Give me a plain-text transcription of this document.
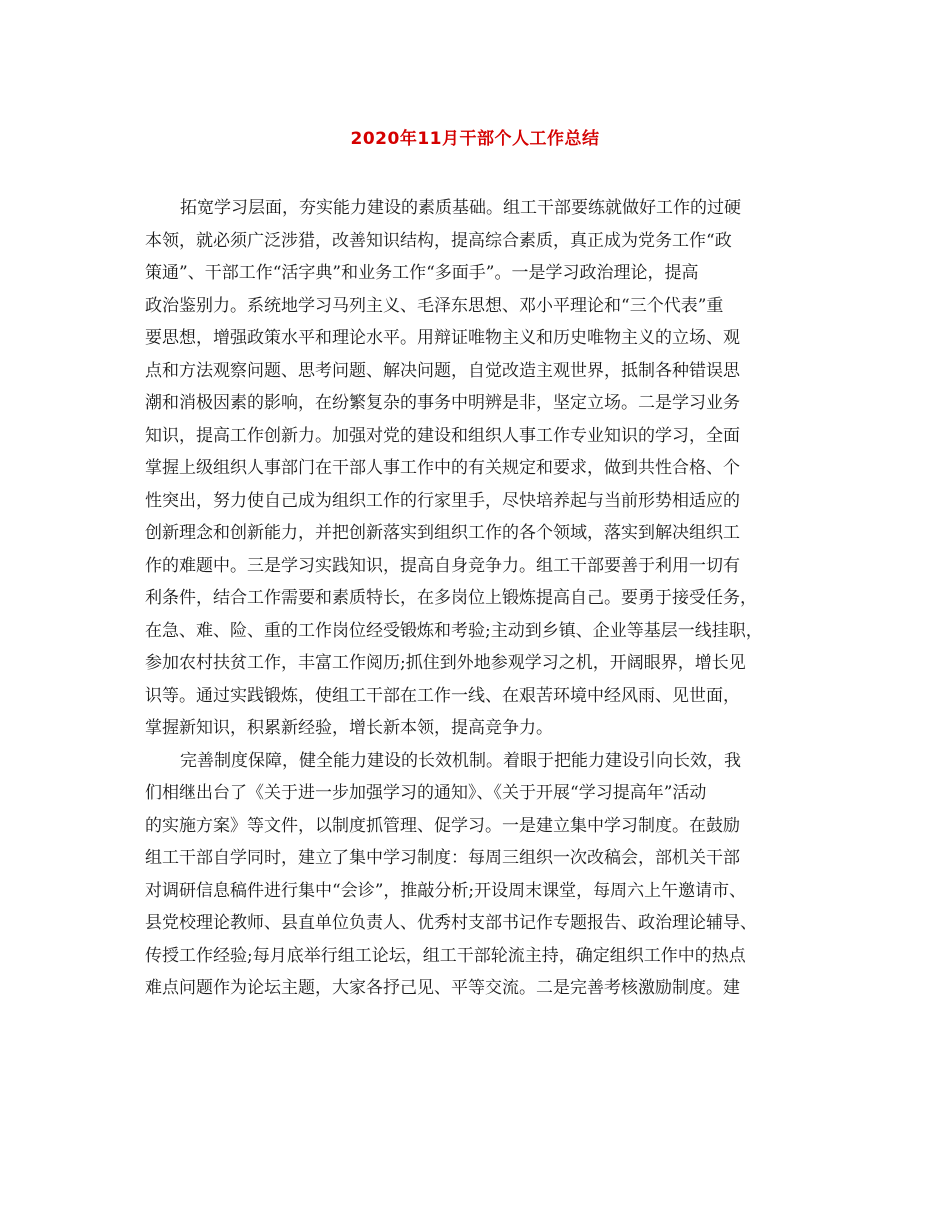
2020年11月干部个人工作总结
拓宽学习层面，夯实能力建设的素质基础。组工干部要练就做好工作的过硬
本领，就必须广泛涉猎，改善知识结构，提高综合素质，真正成为党务工作“政
策通”、干部工作“活字典”和业务工作“多面手”。一是学习政治理论，提高
政治鉴别力。系统地学习马列主义、毛泽东思想、邓小平理论和“三个代表”重
要思想，增强政策水平和理论水平。用辩证唯物主义和历史唯物主义的立场、观
点和方法观察问题、思考问题、解决问题，自觉改造主观世界，抵制各种错误思
潮和消极因素的影响，在纷繁复杂的事务中明辨是非，坚定立场。二是学习业务
知识，提高工作创新力。加强对党的建设和组织人事工作专业知识的学习，全面
掌握上级组织人事部门在干部人事工作中的有关规定和要求，做到共性合格、个
性突出，努力使自己成为组织工作的行家里手，尽快培养起与当前形势相适应的
创新理念和创新能力，并把创新落实到组织工作的各个领域，落实到解决组织工
作的难题中。三是学习实践知识，提高自身竞争力。组工干部要善于利用一切有
利条件，结合工作需要和素质特长，在多岗位上锻炼提高自己。要勇于接受任务，
在急、难、险、重的工作岗位经受锻炼和考验;主动到乡镇、企业等基层一线挂职，
参加农村扶贫工作，丰富工作阅历;抓住到外地参观学习之机，开阔眼界，增长见
识等。通过实践锻炼，使组工干部在工作一线、在艰苦环境中经风雨、见世面，
掌握新知识，积累新经验，增长新本领，提高竞争力。
完善制度保障，健全能力建设的长效机制。着眼于把能力建设引向长效，我
们相继出台了《关于进一步加强学习的通知》、《关于开展“学习提高年”活动
的实施方案》等文件，以制度抓管理、促学习。一是建立集中学习制度。在鼓励
组工干部自学同时，建立了集中学习制度：每周三组织一次改稿会，部机关干部
对调研信息稿件进行集中“会诊”，推敲分析;开设周末课堂，每周六上午邀请市、
县党校理论教师、县直单位负责人、优秀村支部书记作专题报告、政治理论辅导、
传授工作经验;每月底举行组工论坛，组工干部轮流主持，确定组织工作中的热点
难点问题作为论坛主题，大家各抒己见、平等交流。二是完善考核激励制度。建
